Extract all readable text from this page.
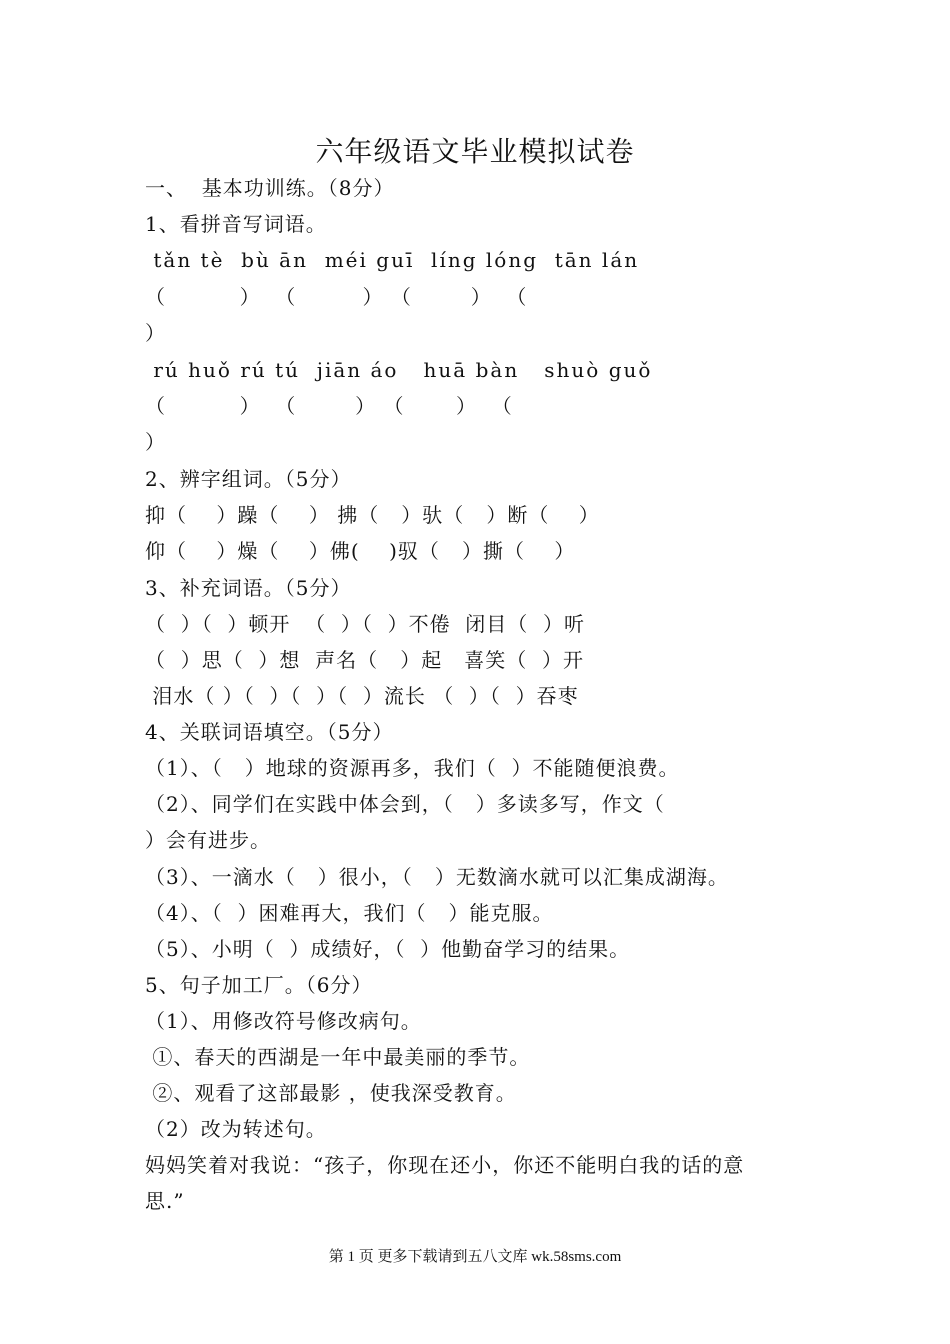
六年级语文毕业模拟试卷
一、  基本功训练。（8分）
1、看拼音写词语。
tǎn tè  bù ān  méi guī  líng lóng  tān lán
（          ）  （         ） （        ）  （
）
rú huǒ rú tú  jiān áo   huā bàn   shuò guǒ
（          ）  （        ） （       ）  （
）
2、辨字组词。（5分）
抑（    ）躁（    ） 拂（   ）驮（   ）断（    ）
仰（    ）燥（    ）佛(    )驭（   ）撕（    ）
3、补充词语。（5分）
（  ）（  ）顿开  （  ）（  ）不倦  闭目（  ）听
（  ）思（  ）想  声名（   ）起   喜笑（  ）开
泪水（ ）（  ）（  ）（  ）流长 （  ）（  ）吞枣
4、关联词语填空。（5分）
（1）、（   ）地球的资源再多，我们（  ）不能随便浪费。
（2）、同学们在实践中体会到，（   ）多读多写，作文（
）会有进步。
（3）、一滴水（   ）很小，（   ）无数滴水就可以汇集成湖海。
（4）、（  ）困难再大，我们（   ）能克服。
（5）、小明（  ）成绩好，（  ）他勤奋学习的结果。
5、句子加工厂。（6分）
（1）、用修改符号修改病句。
①、春天的西湖是一年中最美丽的季节。
②、观看了这部最影 ，使我深受教育。
（2）改为转述句。
妈妈笑着对我说：“孩子，你现在还小，你还不能明白我的话的意
思.”
第 1 页 更多下载请到五八文库 wk.58sms.com
